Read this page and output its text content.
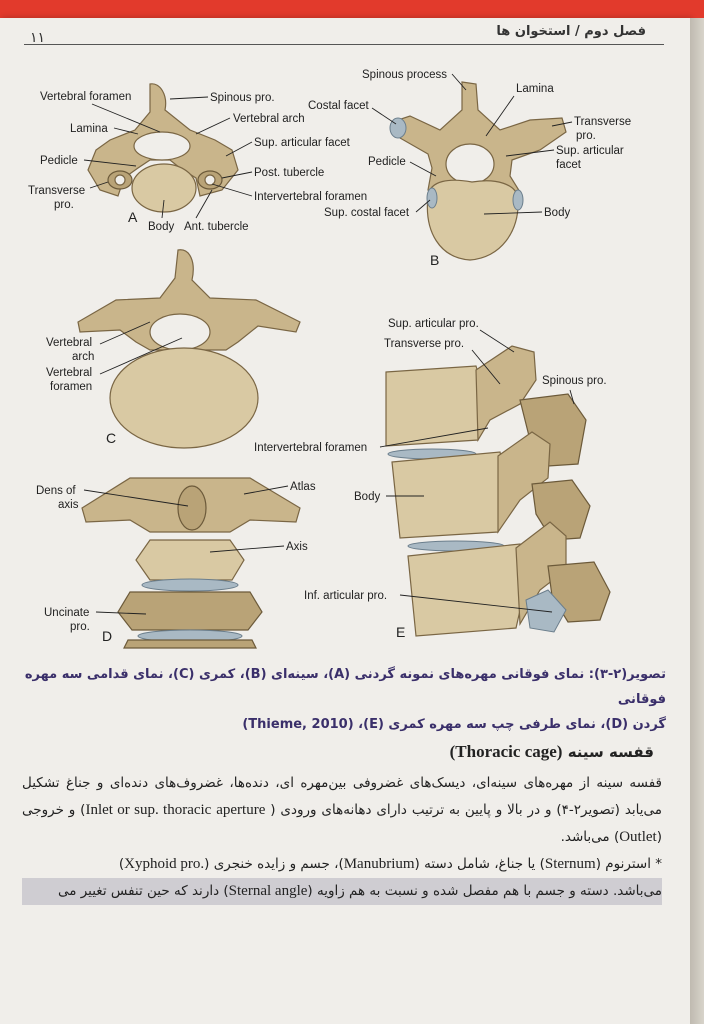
۱۱	فصل دوم / استخوان ها
A
B
C
D	E
Vertebral foramen	Spinous pro.
Vertebral arch
Lamina
Sup. articular facet
Pedicle
Post. tubercle
Transverse
pro.
Intervertebral foramen
Body Ant. tubercle
Spinous process
Lamina
Costal facet
Transverse
pro.
Sup. articular
facet
Pedicle
Sup. costal facet	Body
Vertebral
arch
Vertebral
foramen
Dens of
axis
Atlas
Axis
Uncinate
pro.
Sup. articular pro.
Transverse pro.
Spinous pro.
Intervertebral foramen
Body
Inf. articular pro.
تصویر(۲-۳): نمای فوقانی مهره‌های نمونه گردنی (A)، سینه‌ای (B)، کمری (C)، نمای قدامی سه مهره فوقانی
گردن (D)، نمای طرفی چپ سه مهره کمری (E)، (Thieme, 2010)
قفسه سینه (Thoracic cage)

قفسه سینه از مهره‌های سینه‌ای، دیسک‌های غضروفی بین‌مهره ای، دنده‌ها، غضروف‌های دنده‌ای و جناغ تشکیل می‌یابد (تصویر۲-۴) و در بالا و پایین به ترتیب دارای دهانه‌های ورودی ( Inlet or sup. thoracic aperture) و خروجی (Outlet) می‌باشد.

* استرنوم (Sternum) یا جناغ، شامل دسته (Manubrium)، جسم و زایده خنجری (.Xyphoid pro)

می‌باشد. دسته و جسم با هم مفصل شده و نسبت به هم زاویه (Sternal angle) دارند که حین تنفس تغییر می
